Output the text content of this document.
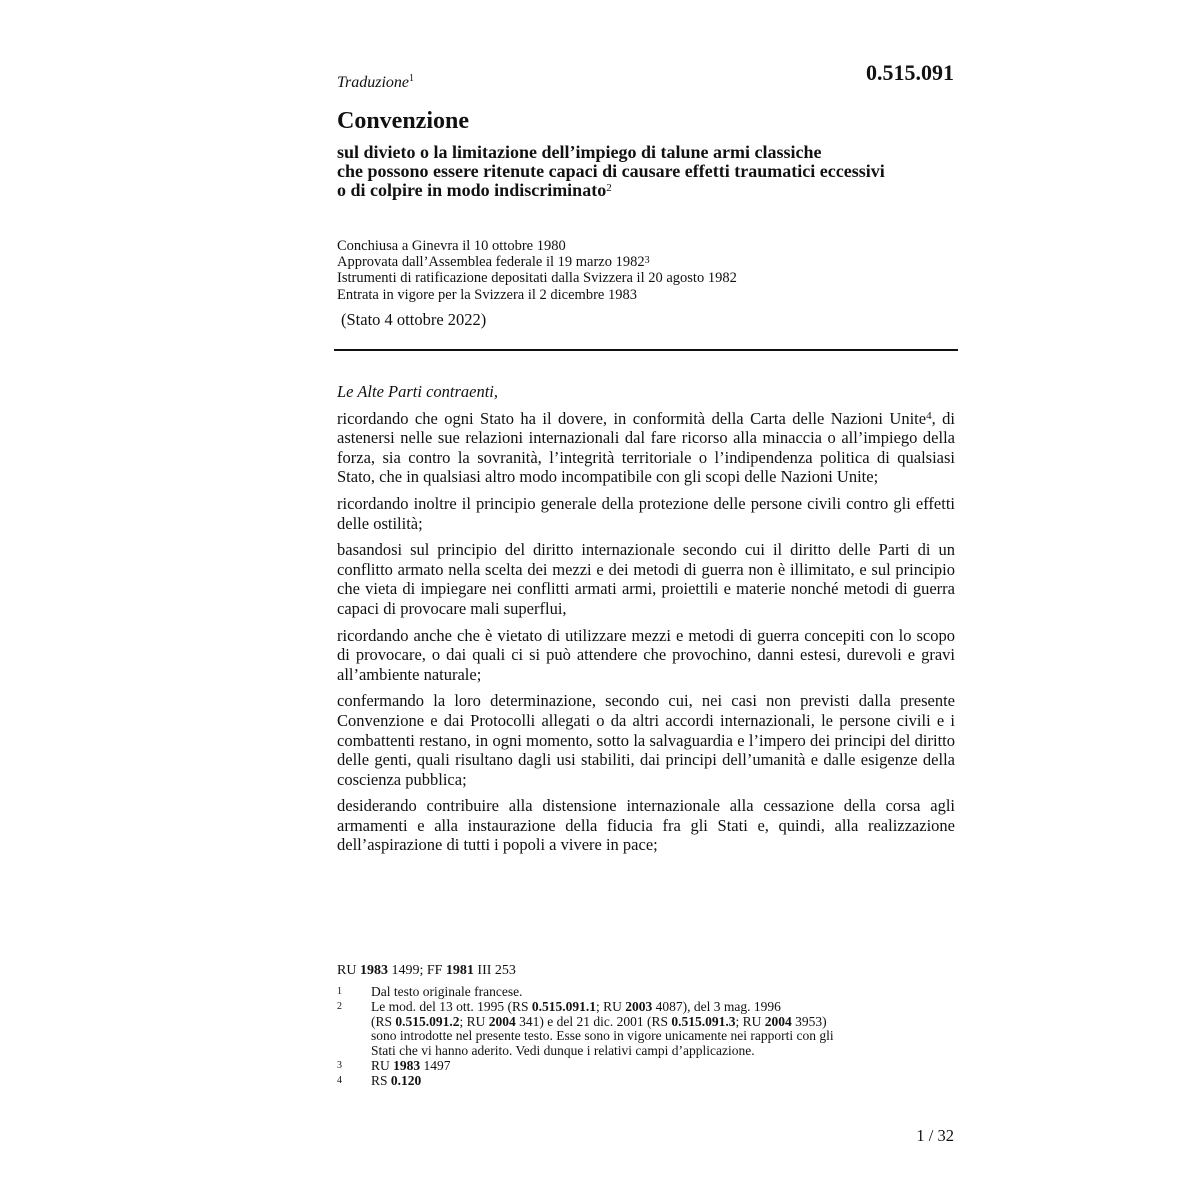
Traduzione$^1$	0.515.091
Convenzione
sul divieto o la limitazione dell’impiego di talune armi classiche
che possono essere ritenute capaci di causare effetti traumatici eccessivi
o di colpire in modo indiscriminato$^2$
Conchiusa a Ginevra il 10 ottobre 1980
Approvata dall’Assemblea federale il 19 marzo 1982$^3$
Istrumenti di ratificazione depositati dalla Svizzera il 20 agosto 1982
Entrata in vigore per la Svizzera il 2 dicembre 1983
(Stato 4 ottobre 2022)
Le Alte Parti contraenti,

ricordando che ogni Stato ha il dovere, in conformità della Carta delle Nazioni Unite$^4$, di astenersi nelle sue relazioni internazionali dal fare ricorso alla minaccia o all’impiego della forza, sia contro la sovranità, l’integrità territoriale o l’indipendenza politica di qualsiasi Stato, che in qualsiasi altro modo incompatibile con gli scopi delle Nazioni Unite;

ricordando inoltre il principio generale della protezione delle persone civili contro gli effetti delle ostilità;

basandosi sul principio del diritto internazionale secondo cui il diritto delle Parti di un conflitto armato nella scelta dei mezzi e dei metodi di guerra non è illimitato, e sul principio che vieta di impiegare nei conflitti armati armi, proiettili e materie nonché metodi di guerra capaci di provocare mali superflui,

ricordando anche che è vietato di utilizzare mezzi e metodi di guerra concepiti con lo scopo di provocare, o dai quali ci si può attendere che provochino, danni estesi, durevoli e gravi all’ambiente naturale;

confermando la loro determinazione, secondo cui, nei casi non previsti dalla presente Convenzione e dai Protocolli allegati o da altri accordi internazionali, le persone civili e i combattenti restano, in ogni momento, sotto la salvaguardia e l’impero dei principi del diritto delle genti, quali risultano dagli usi stabiliti, dai principi dell’umanità e dalle esigenze della coscienza pubblica;

desiderando contribuire alla distensione internazionale alla cessazione della corsa agli armamenti e alla instaurazione della fiducia fra gli Stati e, quindi, alla realizzazione dell’aspirazione di tutti i popoli a vivere in pace;

RU 1983 1499; FF 1981 III 253
1	Dal testo originale francese.
2	Le mod. del 13 ott. 1995 (RS 0.515.091.1; RU 2003 4087), del 3 mag. 1996
(RS 0.515.091.2; RU 2004 341) e del 21 dic. 2001 (RS 0.515.091.3; RU 2004 3953)
sono introdotte nel presente testo. Esse sono in vigore unicamente nei rapporti con gli
Stati che vi hanno aderito. Vedi dunque i relativi campi d’applicazione.
3	RU 1983 1497
4	RS 0.120
1 / 32
